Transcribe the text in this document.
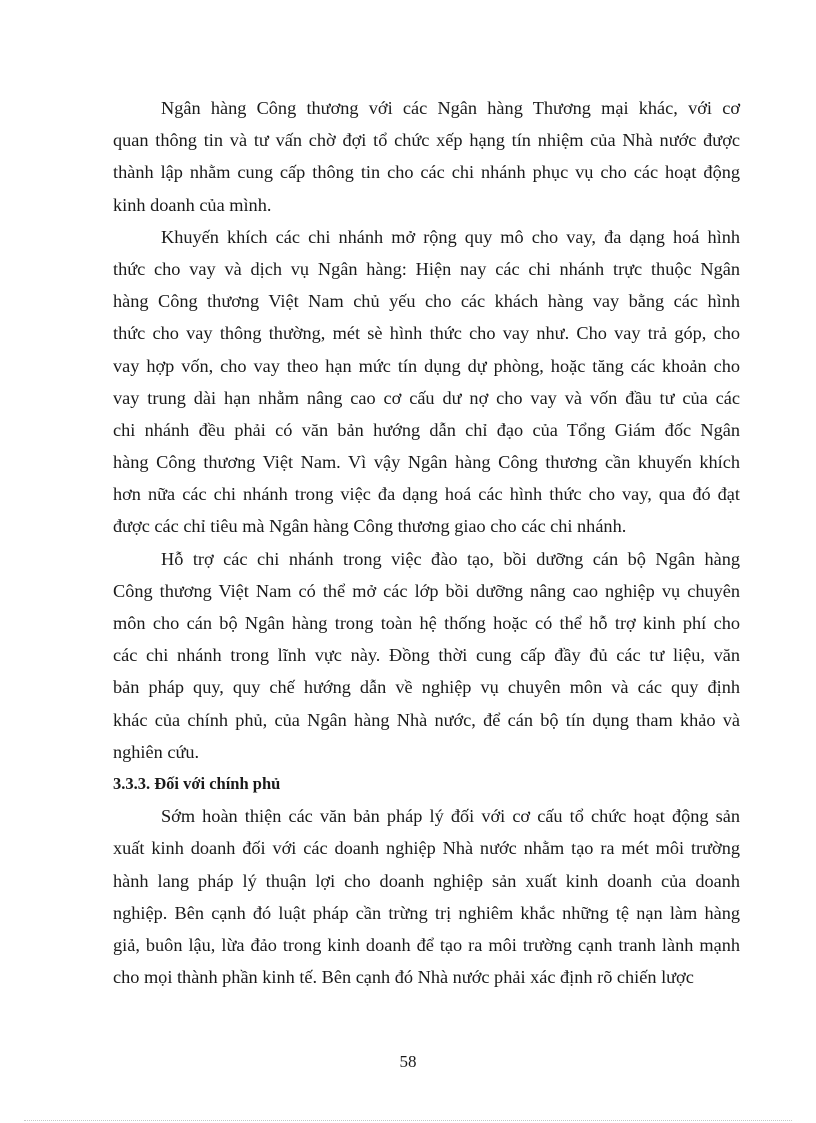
Ngân hàng Công thương với các Ngân hàng Thương mại khác, với cơ
quan thông tin và tư vấn chờ đợi tổ chức xếp hạng tín nhiệm của Nhà nước được
thành lập nhằm cung cấp thông tin cho các chi nhánh phục vụ cho các hoạt động
kinh doanh của mình.
Khuyến khích các chi nhánh mở rộng quy mô cho vay, đa dạng hoá hình
thức cho vay và dịch vụ Ngân hàng: Hiện nay các chi nhánh trực thuộc Ngân
hàng Công thương Việt Nam chủ yếu cho các khách hàng vay bằng các hình
thức cho vay thông thường, mét sè hình thức cho vay như. Cho vay trả góp, cho
vay hợp vốn, cho vay theo hạn mức tín dụng dự phòng, hoặc tăng các khoản cho
vay trung dài hạn nhằm nâng cao cơ cấu dư nợ cho vay và vốn đầu tư của các
chi nhánh đều phải có văn bản hướng dẫn chỉ đạo của Tổng Giám đốc Ngân
hàng Công thương Việt Nam. Vì vậy Ngân hàng Công thương cần khuyến khích
hơn nữa các chi nhánh trong việc đa dạng hoá các hình thức cho vay, qua đó đạt
được các chỉ tiêu mà Ngân hàng Công thương giao cho các chi nhánh.
Hỗ trợ các chi nhánh trong việc đào tạo, bồi dưỡng cán bộ Ngân hàng
Công thương Việt Nam có thể mở các lớp bồi dưỡng nâng cao nghiệp vụ chuyên
môn cho cán bộ Ngân hàng trong toàn hệ thống hoặc có thể hỗ trợ kinh phí cho
các chi nhánh trong lĩnh vực này. Đồng thời cung cấp đầy đủ các tư liệu, văn
bản pháp quy, quy chế hướng dẫn về nghiệp vụ chuyên môn và các quy định
khác của chính phủ, của Ngân hàng Nhà nước, để cán bộ tín dụng tham khảo và
nghiên cứu.
3.3.3. Đối với chính phủ
Sớm hoàn thiện các văn bản pháp lý đối với cơ cấu tổ chức hoạt động sản
xuất kinh doanh đối với các doanh nghiệp Nhà nước nhằm tạo ra mét môi trường
hành lang pháp lý thuận lợi cho doanh nghiệp sản xuất kinh doanh của doanh
nghiệp. Bên cạnh đó luật pháp cần trừng trị nghiêm khắc những tệ nạn làm hàng
giả, buôn lậu, lừa đảo trong kinh doanh để tạo ra môi trường cạnh tranh lành mạnh
cho mọi thành phần kinh tế. Bên cạnh đó Nhà nước phải xác định rõ chiến lược
58
